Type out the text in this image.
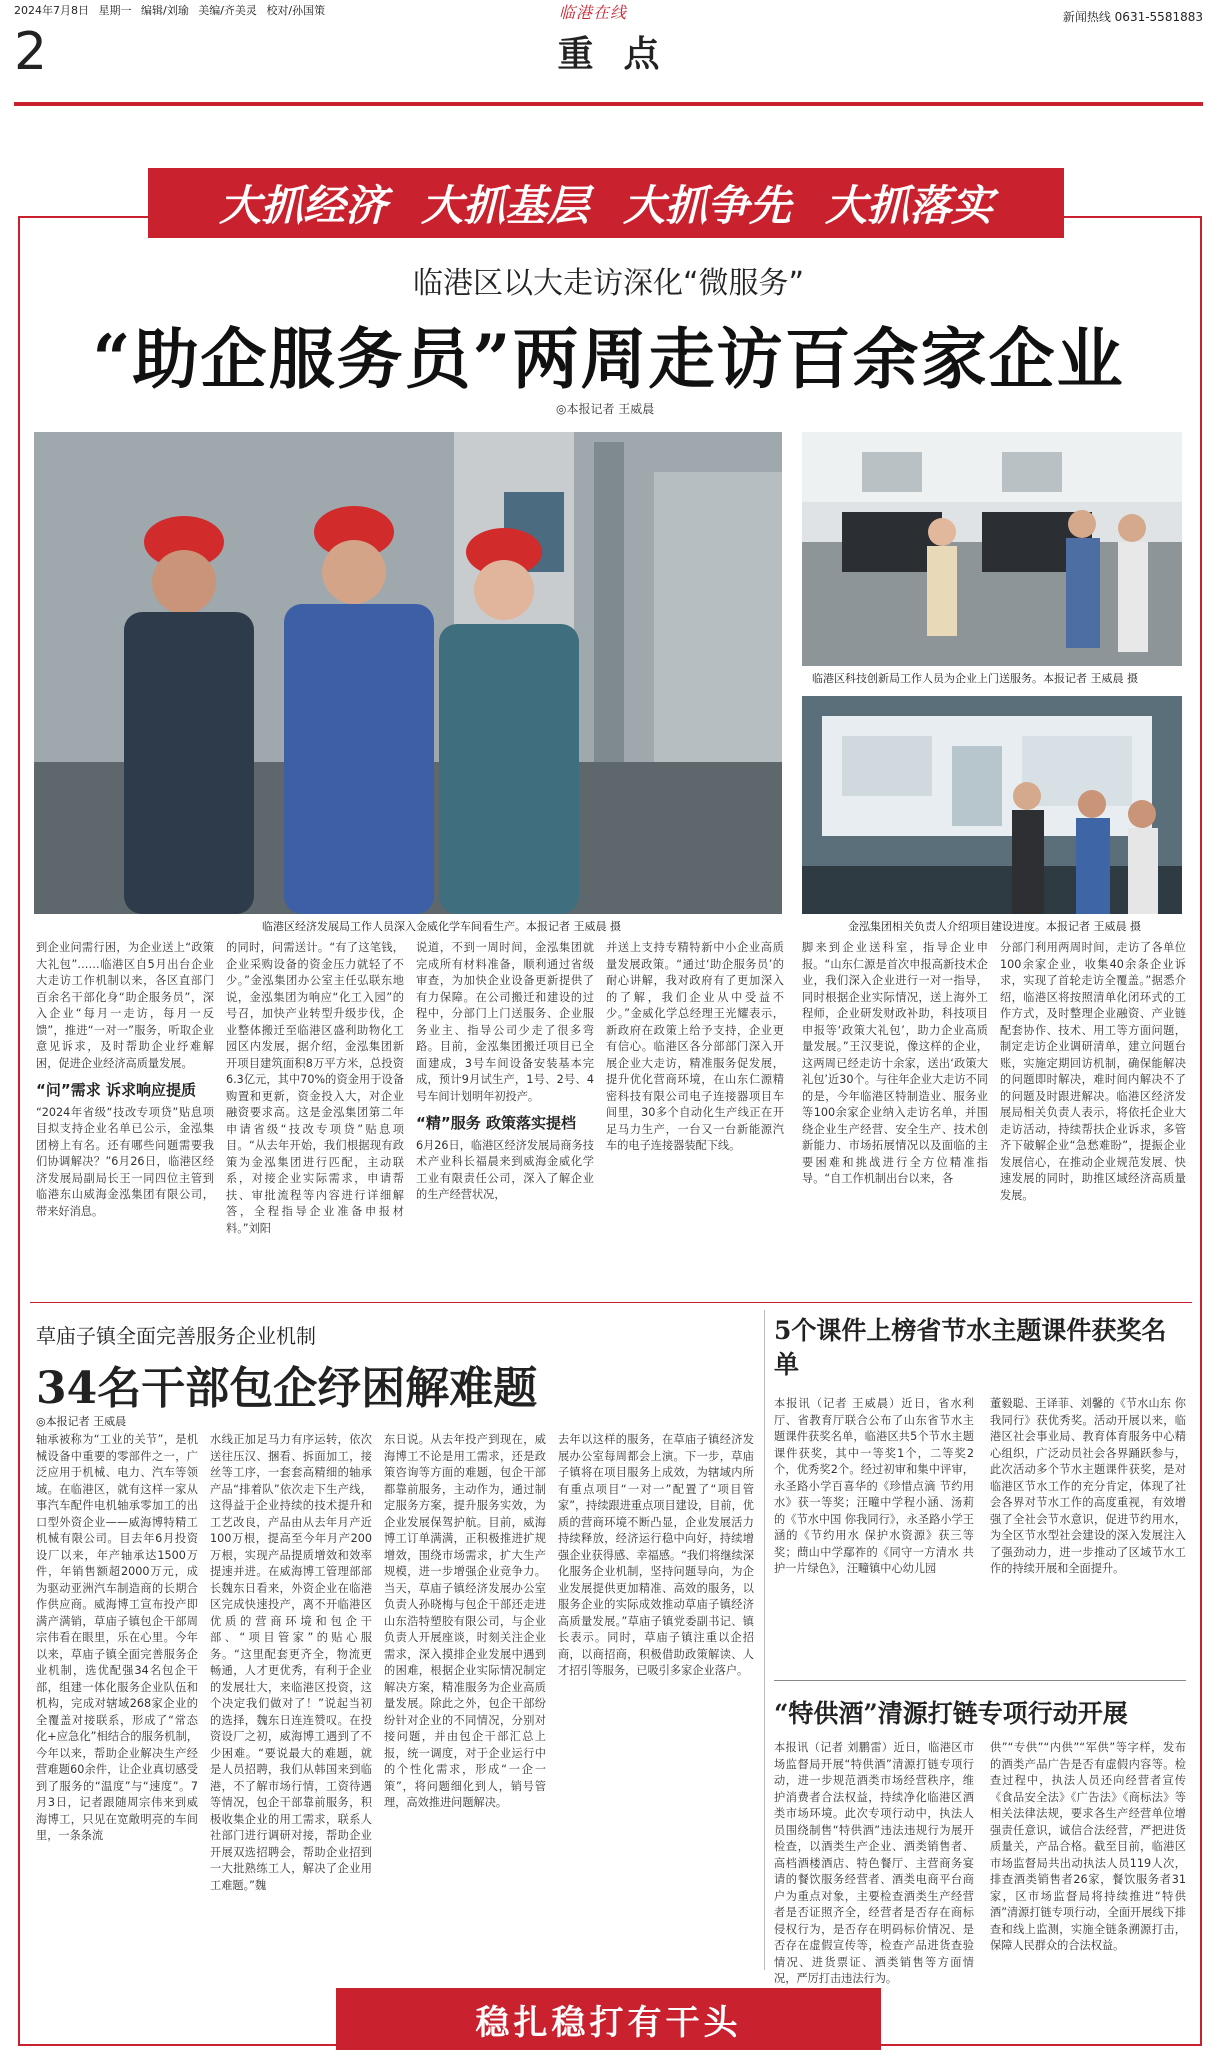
2024年7月8日 星期一 编辑/刘瑜 美编/齐美灵 校对/孙国策	临港在线	新闻热线 0631-5581883
2	重点
大抓经济 大抓基层 大抓争先 大抓落实
临港区以大走访深化“微服务”
“助企服务员”两周走访百余家企业
◎本报记者 王威晨
临港区经济发展局工作人员深入金威化学车间看生产。本报记者 王威晨 摄
临港区科技创新局工作人员为企业上门送服务。本报记者 王威晨 摄
金泓集团相关负责人介绍项目建设进度。本报记者 王威晨 摄

到企业问需行困，为企业送上“政策大礼包”……临港区自5月出台企业大走访工作机制以来，各区直部门百余名干部化身“助企服务员”，深入企业“每月一走访，每月一反馈”，推进“一对一”服务，听取企业意见诉求，及时帮助企业纾难解困，促进企业经济高质量发展。

“问”需求 诉求响应提质

“2024年省级“技改专项贷”贴息项目拟支持企业名单已公示，金泓集团榜上有名。还有哪些问题需要我们协调解决？”6月26日，临港区经济发展局副局长王一同四位主管到临港东山威海金泓集团有限公司，带来好消息。

的同时，问需送计。“有了这笔钱，企业采购设备的资金压力就轻了不少。”金泓集团办公室主任弘联东地说，金泓集团为响应“化工入园”的号召，加快产业转型升级步伐，企业整体搬迁至临港区盛利助物化工园区内发展，据介绍，金泓集团新开项目建筑面积8万平方米，总投资6.3亿元，其中70%的资金用于设备购置和更新，资金投入大，对企业融资要求高。这是金泓集团第二年申请省级“技改专项贷”贴息项目。“从去年开始，我们根据现有政策为金泓集团进行匹配，主动联系，对接企业实际需求，申请帮扶、审批流程等内容进行详细解答，全程指导企业准备申报材料。”刘阳

说道，不到一周时间，金泓集团就完成所有材料准备，顺利通过省级审查，为加快企业设备更新提供了有力保障。在公司搬迁和建设的过程中，分部门上门送服务、企业服务业主、指导公司少走了很多弯路。目前，金泓集团搬迁项目已全面建成，3号车间设备安装基本完成，预计9月试生产，1号、2号、4号车间计划明年初投产。

“精”服务 政策落实提档

6月26日，临港区经济发展局商务技术产业科长福晨来到威海金威化学工业有限责任公司，深入了解企业的生产经营状况，

并送上支持专精特新中小企业高质量发展政策。“通过‘助企服务员’的耐心讲解，我对政府有了更加深入的了解，我们企业从中受益不少。”金威化学总经理王光耀表示，新政府在政策上给予支持，企业更有信心。临港区各分部部门深入开展企业大走访，精准服务促发展，提升优化营商环境，在山东仁源精密科技有限公司电子连接器项目车间里，30多个自动化生产线正在开足马力生产，一台又一台新能源汽车的电子连接器装配下线。

脚来到企业送科室，指导企业申报。“山东仁源是首次申报高新技术企业，我们深入企业进行一对一指导，同时根据企业实际情况，送上海外工程师，企业研发财政补助，科技项目申报等‘政策大礼包’，助力企业高质量发展。”王汉斐说，像这样的企业，这两周已经走访十余家，送出‘政策大礼包’近30个。与往年企业大走访不同的是，今年临港区特制造业、服务业等100余家企业纳入走访名单，并围绕企业生产经营、安全生产、技术创新能力、市场拓展情况以及面临的主要困难和挑战进行全方位精准指导。“自工作机制出台以来，各

分部门利用两周时间，走访了各单位100余家企业，收集40余条企业诉求，实现了首轮走访全覆盖。”据悉介绍，临港区将按照清单化闭环式的工作方式，及时整理企业融资、产业链配套协作、技术、用工等方面问题，制定走访企业调研清单，建立问题台账，实施定期回访机制，确保能解决的问题即时解决，难时间内解决不了的问题及时跟进解决。临港区经济发展局相关负责人表示，将依托企业大走访活动，持续帮扶企业诉求，多管齐下破解企业“急愁难盼”，提振企业发展信心，在推动企业规范发展、快速发展的同时，助推区域经济高质量发展。

草庙子镇全面完善服务企业机制
34名干部包企纾困解难题
◎本报记者 王威晨

轴承被称为“工业的关节”，是机械设备中重要的零部件之一，广泛应用于机械、电力、汽车等领域。在临港区，就有这样一家从事汽车配件电机轴承零加工的出口型外资企业——威海博特精工机械有限公司。目去年6月投资设厂以来，年产轴承达1500万件，年销售额超2000万元，成为驱动亚洲汽车制造商的长期合作供应商。威海博工宣布投产即满产满销，草庙子镇包企干部周宗伟看在眼里，乐在心里。今年以来，草庙子镇全面完善服务企业机制，选优配强34名包企干部，组建一体化服务企业队伍和机构，完成对辖域268家企业的全覆盖对接联系，形成了“常态化+应急化”相结合的服务机制，今年以来，帮助企业解决生产经营难题60余件，让企业真切感受到了服务的“温度”与“速度”。7月3日，记者跟随周宗伟来到威海博工，只见在宽敞明亮的车间里，一条条流

水线正加足马力有序运转，依次送往压汉、捆看、拆面加工，接丝等工序，一套套高精细的轴承产品“排着队”依次走下生产线，这得益于企业持续的技术提升和工艺改良，产品由从去年月产近100万根，提高至今年月产200万根，实现产品提质增效和效率提速并进。在威海博工管理部部长魏东日看来，外资企业在临港区完成快速投产，离不开临港区优质的营商环境和包企干部、“项目管家”的贴心服务。“这里配套更齐全，物流更畅通，人才更优秀，有利于企业的发展壮大，来临港区投资，这个决定我们做对了！”说起当初的选择，魏东日连连赞叹。在投资设厂之初，威海博工遇到了不少困难。“要说最大的难题，就是人员招聘，我们从韩国来到临港，不了解市场行情，工资待遇等情况，包企干部靠前服务，积极收集企业的用工需求，联系人社部门进行调研对接，帮助企业开展双选招聘会，帮助企业招到一大批熟练工人，解决了企业用工难题。”魏

东日说。从去年投产到现在，威海博工不论是用工需求，还是政策咨询等方面的难题，包企干部都靠前服务，主动作为，通过制定服务方案，提升服务实效，为企业发展保驾护航。目前，威海博工订单满满，正积极推进扩规增效，围绕市场需求，扩大生产规模，进一步增强企业竞争力。当天，草庙子镇经济发展办公室负责人孙晓梅与包企干部还走进山东浩特塑胶有限公司，与企业负责人开展座谈，时刻关注企业需求，深入摸排企业发展中遇到的困难，根据企业实际情况制定解决方案，精准服务为企业高质量发展。除此之外，包企干部纷纷针对企业的不同情况，分别对接问题，并由包企干部汇总上报，统一调度，对于企业运行中的个性化需求，形成“一企一策”，将问题细化到人，销号管理，高效推进问题解决。

去年以这样的服务，在草庙子镇经济发展办公室每周都会上演。下一步，草庙子镇将在项目服务上成效，为辖域内所有重点项目“一对一”配置了“项目管家”，持续跟进重点项目建设，目前，优质的营商环境不断凸显，企业发展活力持续释放，经济运行稳中向好，持续增强企业获得感、幸福感。“我们将继续深化服务企业机制，坚持问题导向，为企业发展提供更加精准、高效的服务，以服务企业的实际成效推动草庙子镇经济高质量发展。”草庙子镇党委副书记、镇长表示。同时，草庙子镇注重以企招商，以商招商，积极借助政策解读、人才招引等服务，已吸引多家企业落户。

5个课件上榜省节水主题课件获奖名单

本报讯（记者 王威晨）近日，省水利厅、省教育厅联合公布了山东省节水主题课件获奖名单，临港区共5个节水主题课件获奖，其中一等奖1个，二等奖2个，优秀奖2个。经过初审和集中评审，永圣路小学百喜华的《珍惜点滴 节约用水》获一等奖；汪疃中学程小涵、汤莉的《节水中国 你我同行》，永圣路小学王涵的《节约用水 保护水资源》获三等奖；蔄山中学鄢祚的《同守一方清水 共护一片绿色》，汪疃镇中心幼儿园

董毅聪、王译菲、刘馨的《节水山东 你我同行》获优秀奖。活动开展以来，临港区社会事业局、教育体育服务中心精心组织，广泛动员社会各界踊跃参与，此次活动多个节水主题课件获奖，是对临港区节水工作的充分肯定，体现了社会各界对节水工作的高度重视，有效增强了全社会节水意识，促进节约用水，为全区节水型社会建设的深入发展注入了强劲动力，进一步推动了区域节水工作的持续开展和全面提升。

“特供酒”清源打链专项行动开展

本报讯（记者 刘鹏雷）近日，临港区市场监督局开展“特供酒”清源打链专项行动，进一步规范酒类市场经营秩序，维护消费者合法权益，持续净化临港区酒类市场环境。此次专项行动中，执法人员围绕制售“特供酒”违法违规行为展开检查，以酒类生产企业、酒类销售者、高档酒楼酒店、特色餐厅、主营商务宴请的餐饮服务经营者、酒类电商平台商户为重点对象，主要检查酒类生产经营者是否证照齐全，经营者是否存在商标侵权行为，是否存在明码标价情况、是否存在虚假宣传等，检查产品进货查验情况、进货票证、酒类销售等方面情况，严厉打击违法行为。

供”“专供”“内供”“军供”等字样，发布的酒类产品广告是否有虚假内容等。检查过程中，执法人员还向经营者宣传《食品安全法》《广告法》《商标法》等相关法律法规，要求各生产经营单位增强责任意识，诚信合法经营，严把进货质量关，产品合格。截至目前，临港区市场监督局共出动执法人员119人次，排查酒类销售者26家，餐饮服务者31家，区市场监督局将持续推进“特供酒”清源打链专项行动，全面开展线下排查和线上监测，实施全链条溯源打击，保障人民群众的合法权益。

稳扎稳打有干头
